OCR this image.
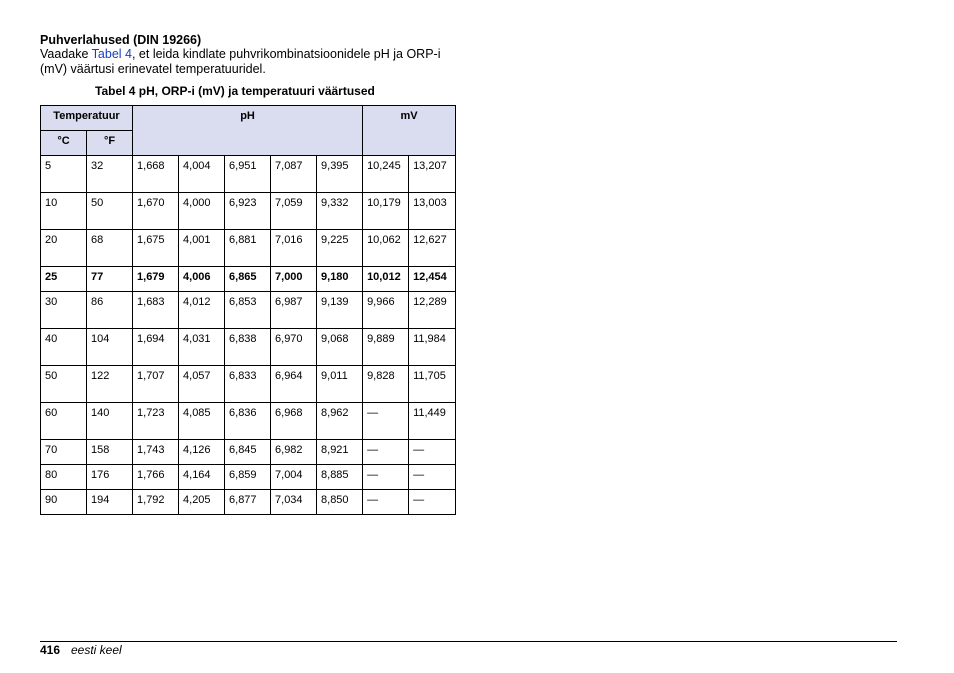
Puhverlahused (DIN 19266)

Vaadake Tabel 4, et leida kindlate puhvrikombinatsioonidele pH ja ORP-i (mV) väärtusi erinevatel temperatuuridel.

Tabel 4 pH, ORP-i (mV) ja temperatuuri väärtused

Temperatuur		pH					mV	
°C	°F							
5	32	1,668	4,004	6,951	7,087	9,395	10,245	13,207
10	50	1,670	4,000	6,923	7,059	9,332	10,179	13,003
20	68	1,675	4,001	6,881	7,016	9,225	10,062	12,627
25	77	1,679	4,006	6,865	7,000	9,180	10,012	12,454
30	86	1,683	4,012	6,853	6,987	9,139	9,966	12,289
40	104	1,694	4,031	6,838	6,970	9,068	9,889	11,984
50	122	1,707	4,057	6,833	6,964	9,011	9,828	11,705
60	140	1,723	4,085	6,836	6,968	8,962	—	11,449
70	158	1,743	4,126	6,845	6,982	8,921	—	—
80	176	1,766	4,164	6,859	7,004	8,885	—	—
90	194	1,792	4,205	6,877	7,034	8,850	—	—
416 eesti keel
